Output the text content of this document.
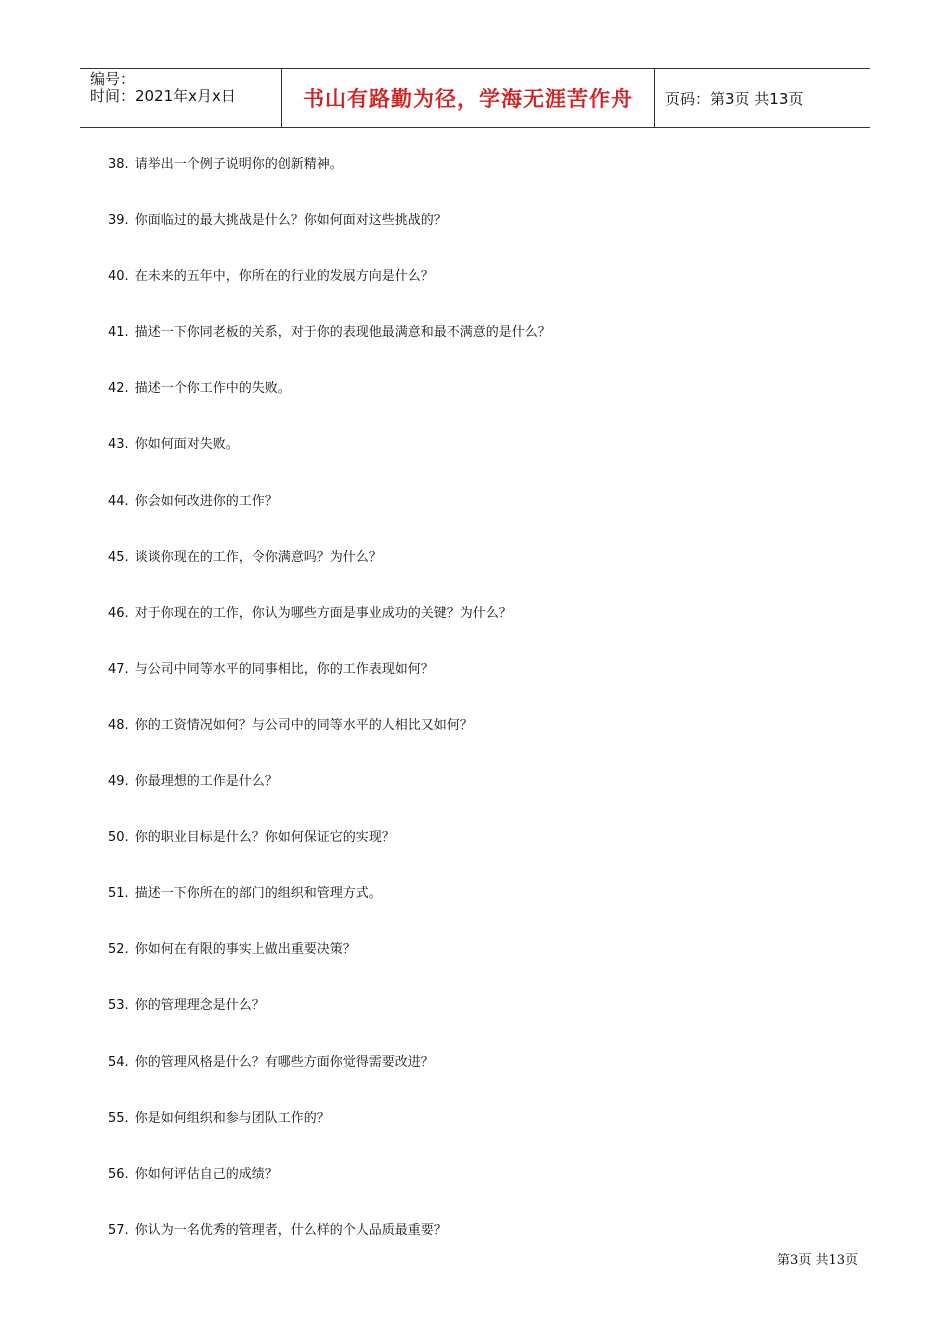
编号：
时间：2021年x月x日	书山有路勤为径，学海无涯苦作舟 页码：第3页 共13页
38 . 请举出一个例子说明你的创新精神。
39 . 你面临过的最大挑战是什么？你如何面对这些挑战的？
40 . 在未来的五年中，你所在的行业的发展方向是什么？
41 . 描述一下你同老板的关系，对于你的表现他最满意和最不满意的是什么？
42 . 描述一个你工作中的失败。
43 . 你如何面对失败。
44 . 你会如何改进你的工作？
45 . 谈谈你现在的工作，令你满意吗？为什么？
46 . 对于你现在的工作，你认为哪些方面是事业成功的关键？为什么？
47 . 与公司中同等水平的同事相比，你的工作表现如何？
48 . 你的工资情况如何？与公司中的同等水平的人相比又如何？
49 . 你最理想的工作是什么？
50 . 你的职业目标是什么？你如何保证它的实现？
51 . 描述一下你所在的部门的组织和管理方式。
52 . 你如何在有限的事实上做出重要决策？
53 . 你的管理理念是什么？
54 . 你的管理风格是什么？有哪些方面你觉得需要改进？
55 . 你是如何组织和参与团队工作的？
56 . 你如何评估自己的成绩？
57 . 你认为一名优秀的管理者，什么样的个人品质最重要？
第3页 共13页
